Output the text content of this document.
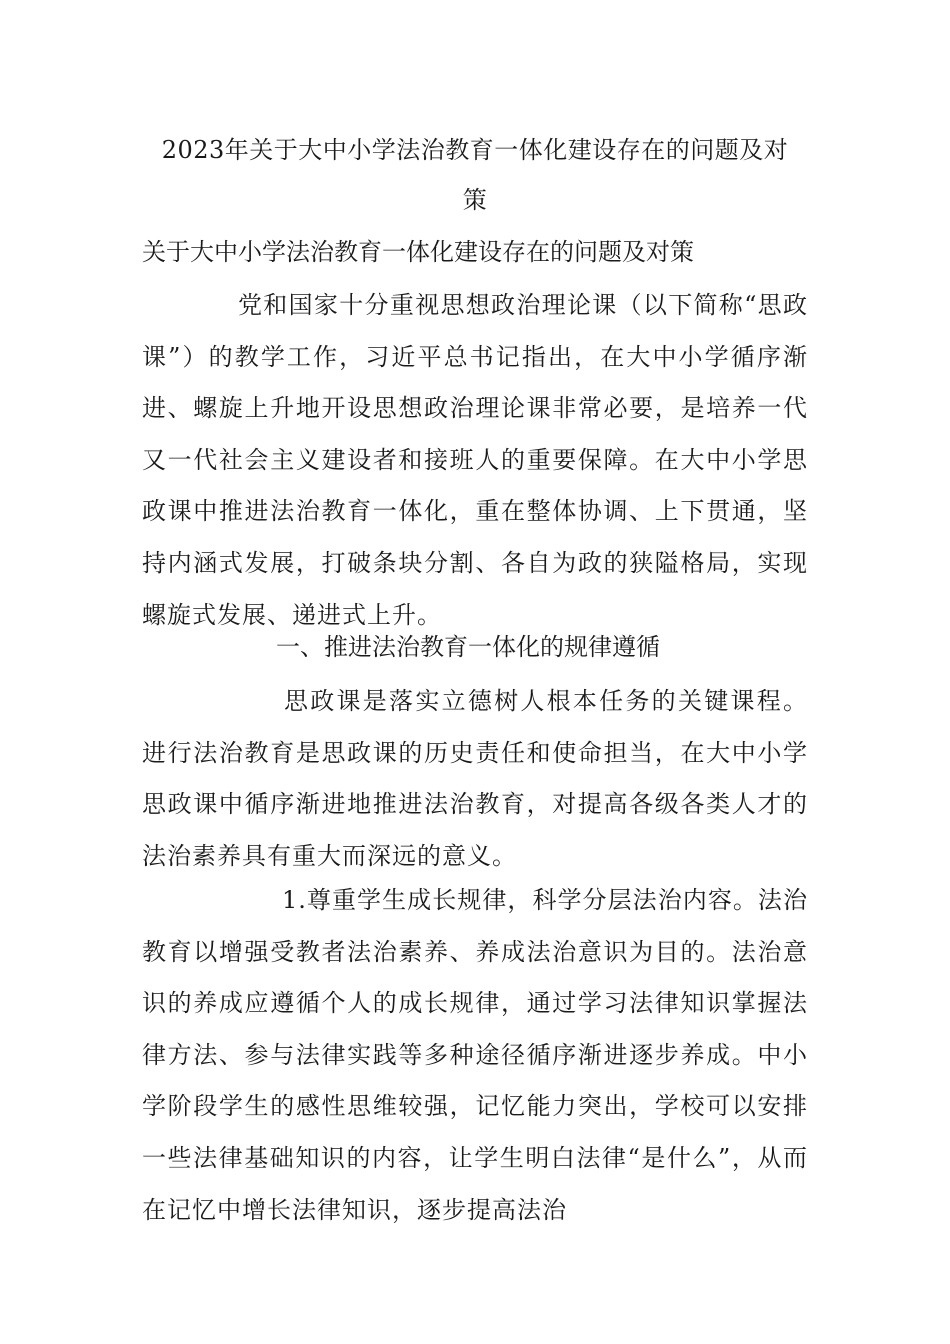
2023年关于大中小学法治教育一体化建设存在的问题及对
策

关于大中小学法治教育一体化建设存在的问题及对策

党和国家十分重视思想政治理论课（以下简称“思政课”）的教学工作，习近平总书记指出，在大中小学循序渐进、螺旋上升地开设思想政治理论课非常必要，是培养一代又一代社会主义建设者和接班人的重要保障。在大中小学思政课中推进法治教育一体化，重在整体协调、上下贯通，坚持内涵式发展，打破条块分割、各自为政的狭隘格局，实现螺旋式发展、递进式上升。

一、推进法治教育一体化的规律遵循

思政课是落实立德树人根本任务的关键课程。进行法治教育是思政课的历史责任和使命担当，在大中小学思政课中循序渐进地推进法治教育，对提高各级各类人才的法治素养具有重大而深远的意义。

1.尊重学生成长规律，科学分层法治内容。法治教育以增强受教者法治素养、养成法治意识为目的。法治意识的养成应遵循个人的成长规律，通过学习法律知识掌握法律方法、参与法律实践等多种途径循序渐进逐步养成。中小学阶段学生的感性思维较强，记忆能力突出，学校可以安排一些法律基础知识的内容，让学生明白法律“是什么”，从而在记忆中增长法律知识，逐步提高法治
